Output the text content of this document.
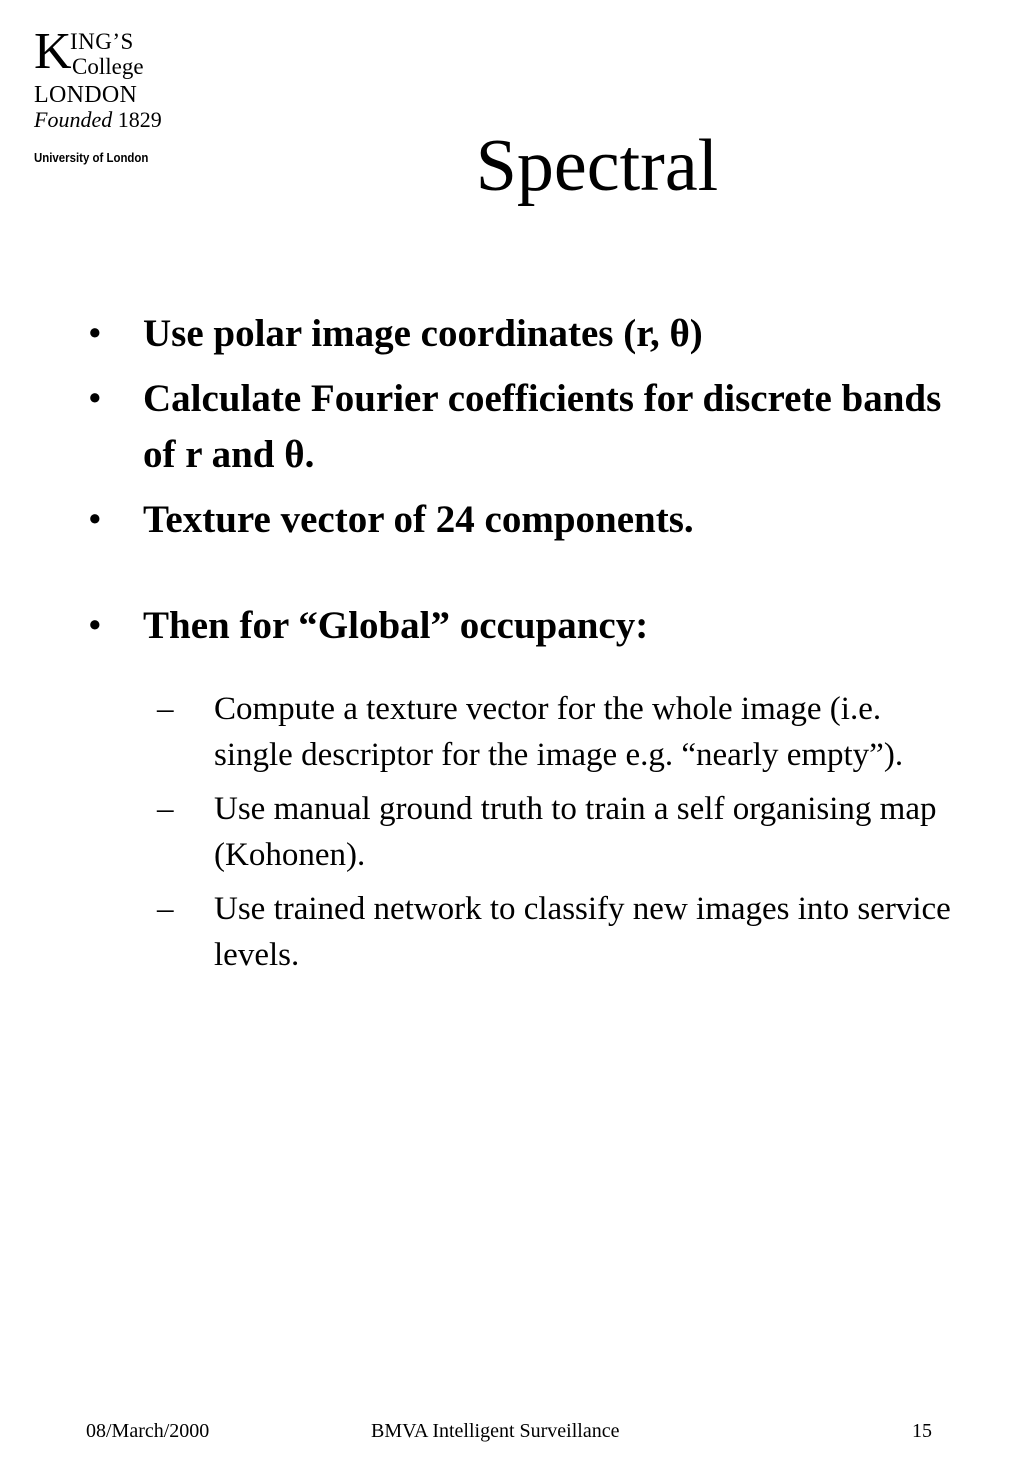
K
ING’S
College
LONDON
Founded 1829
University of London	Spectral
• Use polar image coordinates (r, θ)
• Calculate Fourier coefficients for discrete bands of r and θ.
• Texture vector of 24 components.
• Then for “Global” occupancy:
– Compute a texture vector for the whole image (i.e. single descriptor for the image e.g. “nearly empty”).
– Use manual ground truth to train a self organising map (Kohonen).
– Use trained network to classify new images into service levels.
08/March/2000	BMVA Intelligent Surveillance	15
